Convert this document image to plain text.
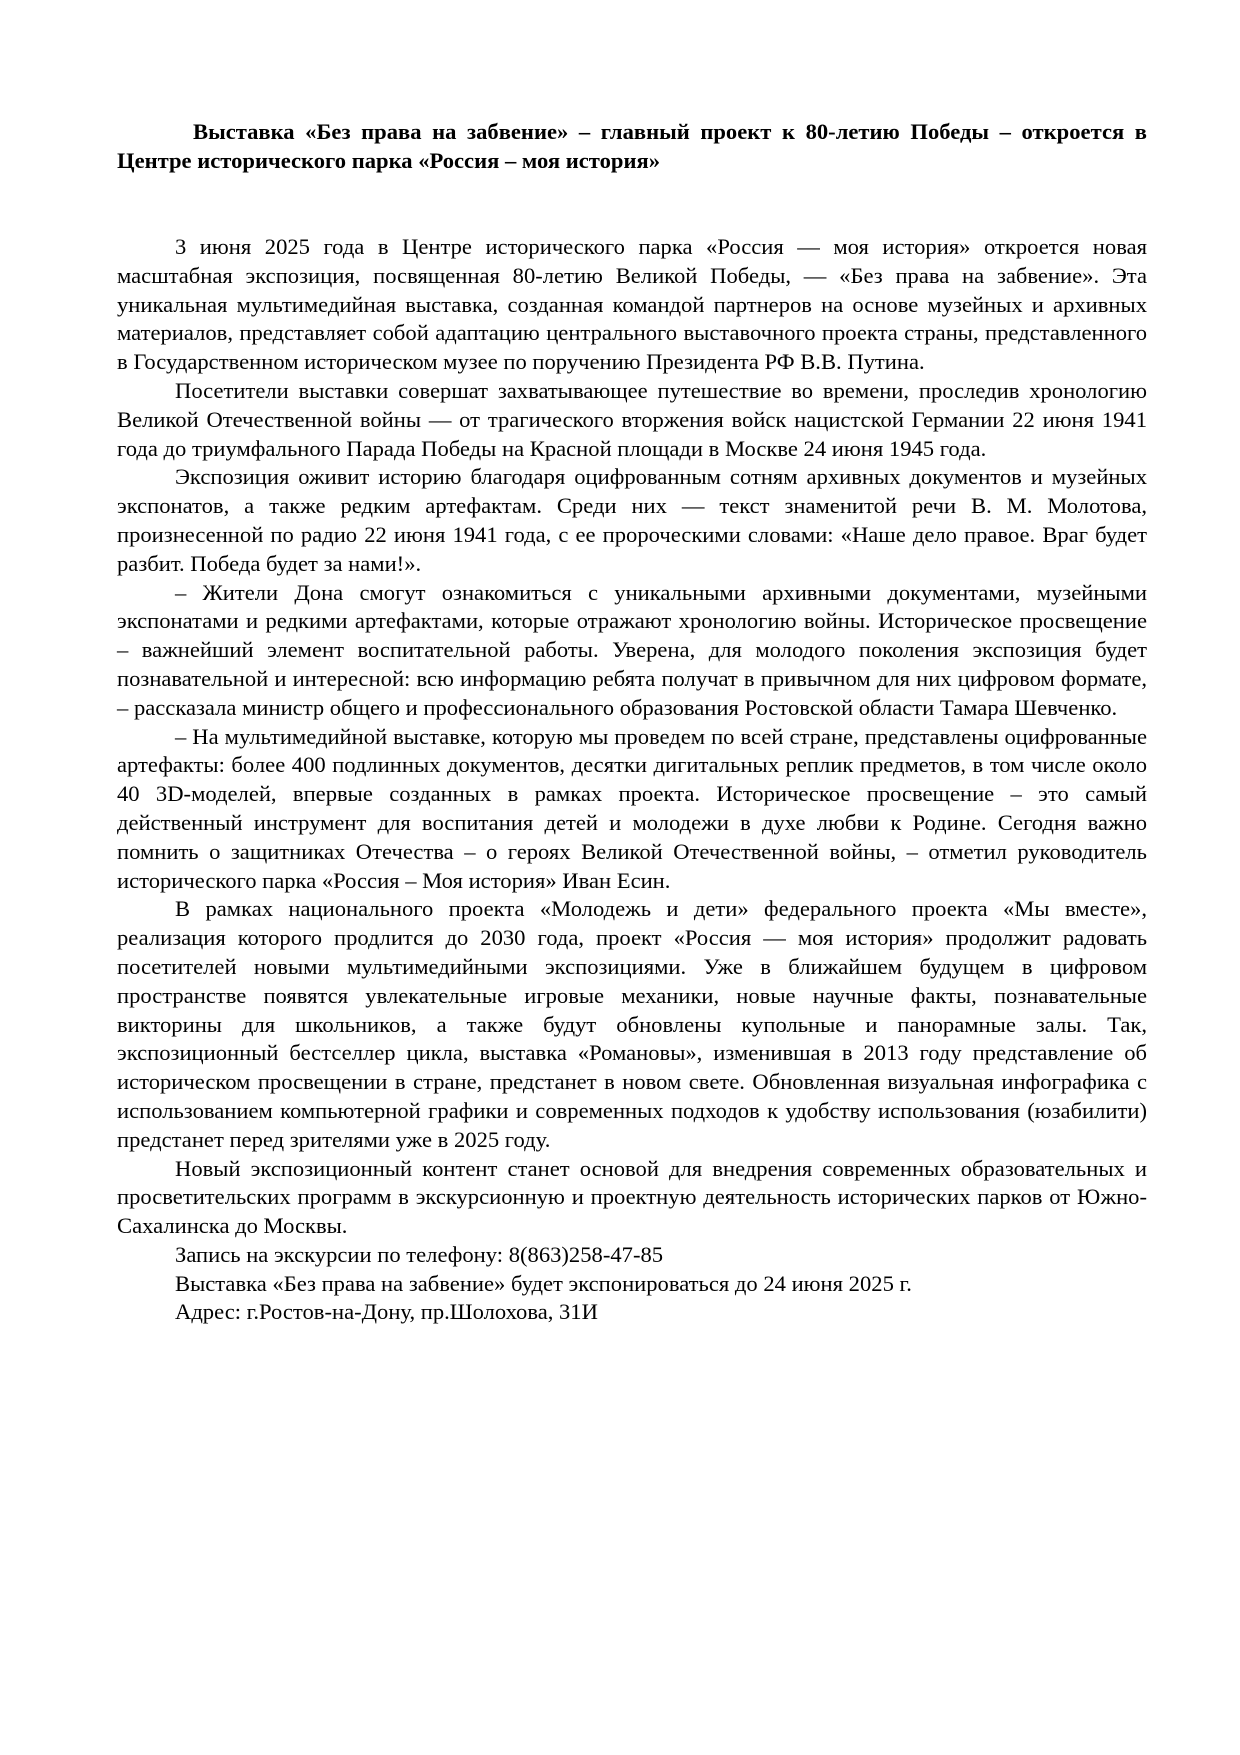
Выставка «Без права на забвение» – главный проект к 80-летию Победы – откроется в Центре исторического парка «Россия – моя история»

3 июня 2025 года в Центре исторического парка «Россия — моя история» откроется новая масштабная экспозиция, посвященная 80-летию Великой Победы, — «Без права на забвение». Эта уникальная мультимедийная выставка, созданная командой партнеров на основе музейных и архивных материалов, представляет собой адаптацию центрального выставочного проекта страны, представленного в Государственном историческом музее по поручению Президента РФ В.В. Путина.

Посетители выставки совершат захватывающее путешествие во времени, проследив хронологию Великой Отечественной войны — от трагического вторжения войск нацистской Германии 22 июня 1941 года до триумфального Парада Победы на Красной площади в Москве 24 июня 1945 года.

Экспозиция оживит историю благодаря оцифрованным сотням архивных документов и музейных экспонатов, а также редким артефактам. Среди них — текст знаменитой речи В. М. Молотова, произнесенной по радио 22 июня 1941 года, с ее пророческими словами: «Наше дело правое. Враг будет разбит. Победа будет за нами!».

– Жители Дона смогут ознакомиться с уникальными архивными документами, музейными экспонатами и редкими артефактами, которые отражают хронологию войны. Историческое просвещение – важнейший элемент воспитательной работы. Уверена, для молодого поколения экспозиция будет познавательной и интересной: всю информацию ребята получат в привычном для них цифровом формате, – рассказала министр общего и профессионального образования Ростовской области Тамара Шевченко.

– На мультимедийной выставке, которую мы проведем по всей стране, представлены оцифрованные артефакты: более 400 подлинных документов, десятки дигитальных реплик предметов, в том числе около 40 3D-моделей, впервые созданных в рамках проекта. Историческое просвещение – это самый действенный инструмент для воспитания детей и молодежи в духе любви к Родине. Сегодня важно помнить о защитниках Отечества – о героях Великой Отечественной войны, – отметил руководитель исторического парка «Россия – Моя история» Иван Есин.

В рамках национального проекта «Молодежь и дети» федерального проекта «Мы вместе», реализация которого продлится до 2030 года, проект «Россия — моя история» продолжит радовать посетителей новыми мультимедийными экспозициями. Уже в ближайшем будущем в цифровом пространстве появятся увлекательные игровые механики, новые научные факты, познавательные викторины для школьников, а также будут обновлены купольные и панорамные залы. Так, экспозиционный бестселлер цикла, выставка «Романовы», изменившая в 2013 году представление об историческом просвещении в стране, предстанет в новом свете. Обновленная визуальная инфографика с использованием компьютерной графики и современных подходов к удобству использования (юзабилити) предстанет перед зрителями уже в 2025 году.

Новый экспозиционный контент станет основой для внедрения современных образовательных и просветительских программ в экскурсионную и проектную деятельность исторических парков от Южно-Сахалинска до Москвы.

Запись на экскурсии по телефону: 8(863)258-47-85

Выставка «Без права на забвение» будет экспонироваться до 24 июня 2025 г.

Адрес: г.Ростов-на-Дону, пр.Шолохова, 31И
